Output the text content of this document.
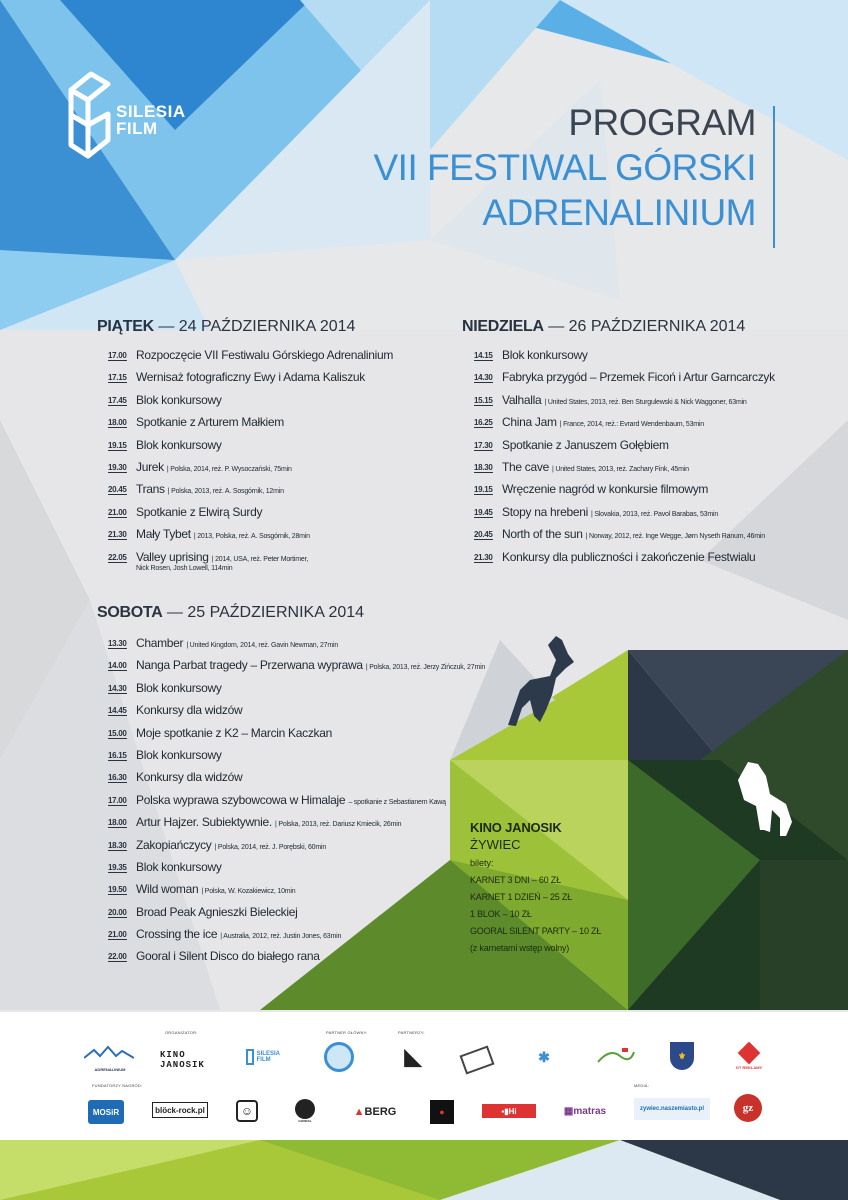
SILESIA
FILM	PROGRAM
VII FESTIWAL GÓRSKI
ADRENALINIUM
PIĄTEK — 24 PAŹDZIERNIKA 2014	NIEDZIELA — 26 PAŹDZIERNIKA 2014
SOBOTA — 25 PAŹDZIERNIKA 2014
17.00 Rozpoczęcie VII Festiwalu Górskiego Adrenalinium
17.15 Wernisaż fotograficzny Ewy i Adama Kaliszuk
17.45 Blok konkursowy
18.00 Spotkanie z Arturem Małkiem
19.15 Blok konkursowy
19.30 Jurek | Polska, 2014, reż. P. Wysoczański, 75min
20.45 Trans | Polska, 2013, reż. A. Sosgórnik, 12min
21.00 Spotkanie z Elwirą Surdy
21.30 Mały Tybet | 2013, Polska, reż. A. Sosgórnik, 28min
22.05 Valley uprising | 2014, USA, reż. Peter Mortimer,
Nick Rosen, Josh Lowell, 114min
14.15 Blok konkursowy
14.30 Fabryka przygód – Przemek Ficoń i Artur Garncarczyk
15.15 Valhalla | United States, 2013, reż. Ben Sturgulewski & Nick Waggoner, 63min
16.25 China Jam | France, 2014, reż.: Evrard Wendenbaum, 53min
17.30 Spotkanie z Januszem Gołębiem
18.30 The cave | United States, 2013, reż. Zachary Fink, 45min
19.15 Wręczenie nagród w konkursie filmowym
19.45 Stopy na hrebeni | Slovakia, 2013, reż. Pavol Barabas, 53min
20.45 North of the sun | Norway, 2012, reż. Inge Wegge, Jørn Nyseth Ranum, 46min
21.30 Konkursy dla publiczności i zakończenie Festwialu
13.30 Chamber | United Kingdom, 2014, reż. Gavin Newman, 27min
14.00 Nanga Parbat tragedy – Przerwana wyprawa | Polska, 2013, reż. Jerzy Zińczuk, 27min
14.30 Blok konkursowy
14.45 Konkursy dla widzów
15.00 Moje spotkanie z K2 – Marcin Kaczkan
16.15 Blok konkursowy
16.30 Konkursy dla widzów
17.00 Polska wyprawa szybowcowa w Himalaje – spotkanie z Sebastianem Kawą
18.00 Artur Hajzer. Subiektywnie. | Polska, 2013, reż. Dariusz Kmiecik, 26min
18.30 Zakopiańczycy | Polska, 2014, reż. J. Porębski, 60min
19.35 Blok konkursowy
19.50 Wild woman | Polska, W. Kozakiewicz, 10min
20.00 Broad Peak Agnieszki Bieleckiej
21.00 Crossing the ice | Australia, 2012, reż. Justin Jones, 63min
22.00 Gooral i Silent Disco do białego rana
KINO JANOSIK
ŻYWIEC
bilety:
KARNET 3 DNI – 60 ZŁ
KARNET 1 DZIEŃ – 25 ZŁ
1 BLOK – 10 ZŁ
GOORAL SILENT PARTY – 10 ZŁ
(z karnetami wstęp wolny)
ORGANIZATOR:	PARTNER GŁÓWNY:	PARTNERZY:
FUNDATORZY NAGRÓD:	MEDIA:
ADRENALINIUM
KINO JANOSIK
SILESIA FILM	◣	✱	⚜
GT REKLAMY
MOSiR	blöck-rock.pl	☺
GOORAL
▲ BERG	●	▪▮ Hi	▦ matras	zywiec.naszemiasto.pl	gz
